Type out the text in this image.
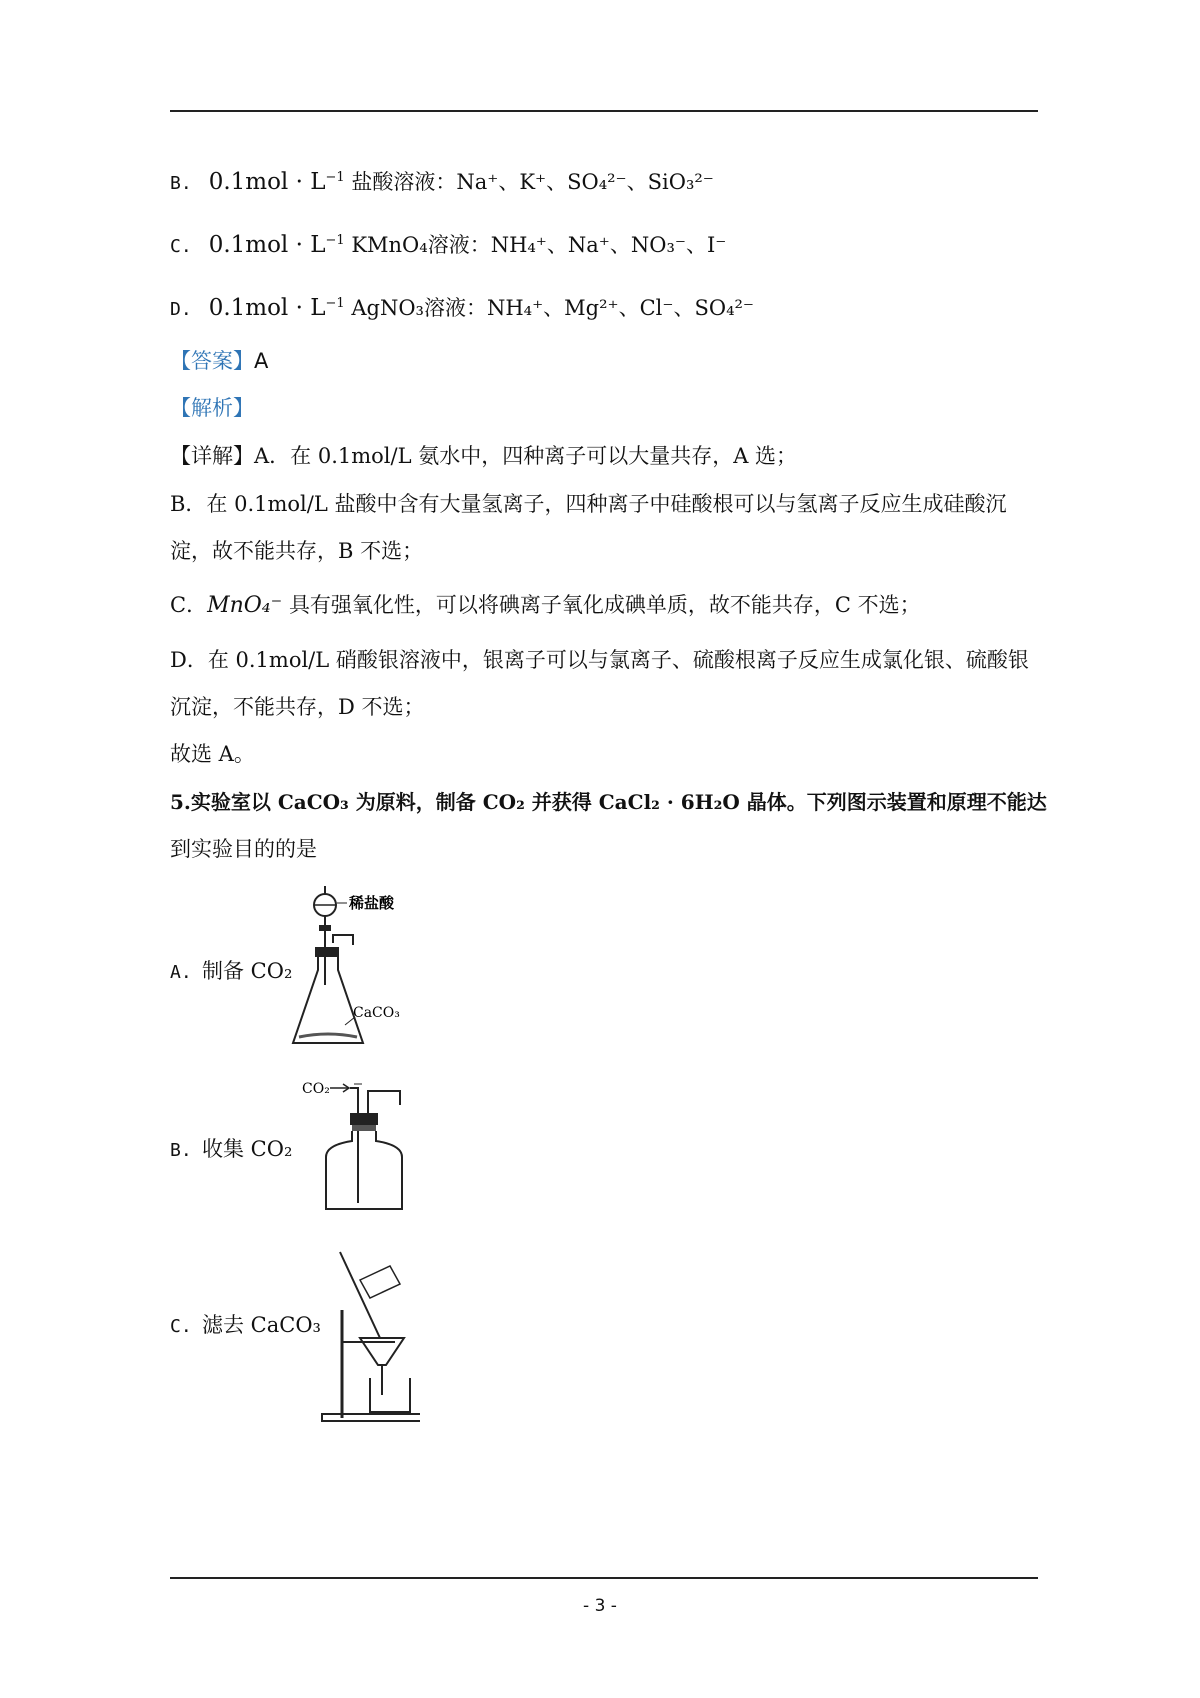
B. $0.1mol \cdot L^{-1}$ 盐酸溶液：Na⁺、K⁺、SO₄²⁻、SiO₃²⁻
C. $0.1mol \cdot L^{-1}$ KMnO₄溶液：NH₄⁺、Na⁺、NO₃⁻、I⁻
D. $0.1mol \cdot L^{-1}$ AgNO₃溶液：NH₄⁺、Mg²⁺、Cl⁻、SO₄²⁻
【答案】A
【解析】
【详解】A．在 0.1mol/L 氨水中，四种离子可以大量共存，A 选；
B．在 0.1mol/L 盐酸中含有大量氢离子，四种离子中硅酸根可以与氢离子反应生成硅酸沉
淀，故不能共存，B 不选；
C．MnO₄⁻ 具有强氧化性，可以将碘离子氧化成碘单质，故不能共存，C 不选；
D．在 0.1mol/L 硝酸银溶液中，银离子可以与氯离子、硫酸根离子反应生成氯化银、硫酸银
沉淀，不能共存，D 不选；
故选 A。
5.实验室以 CaCO₃ 为原料，制备 CO₂ 并获得 CaCl₂ · 6H₂O 晶体。下列图示装置和原理不能达
到实验目的的是
A. 制备 CO₂
稀盐酸
CaCO₃
B. 收集 CO₂
CO₂
C. 滤去 CaCO₃
- 3 -
